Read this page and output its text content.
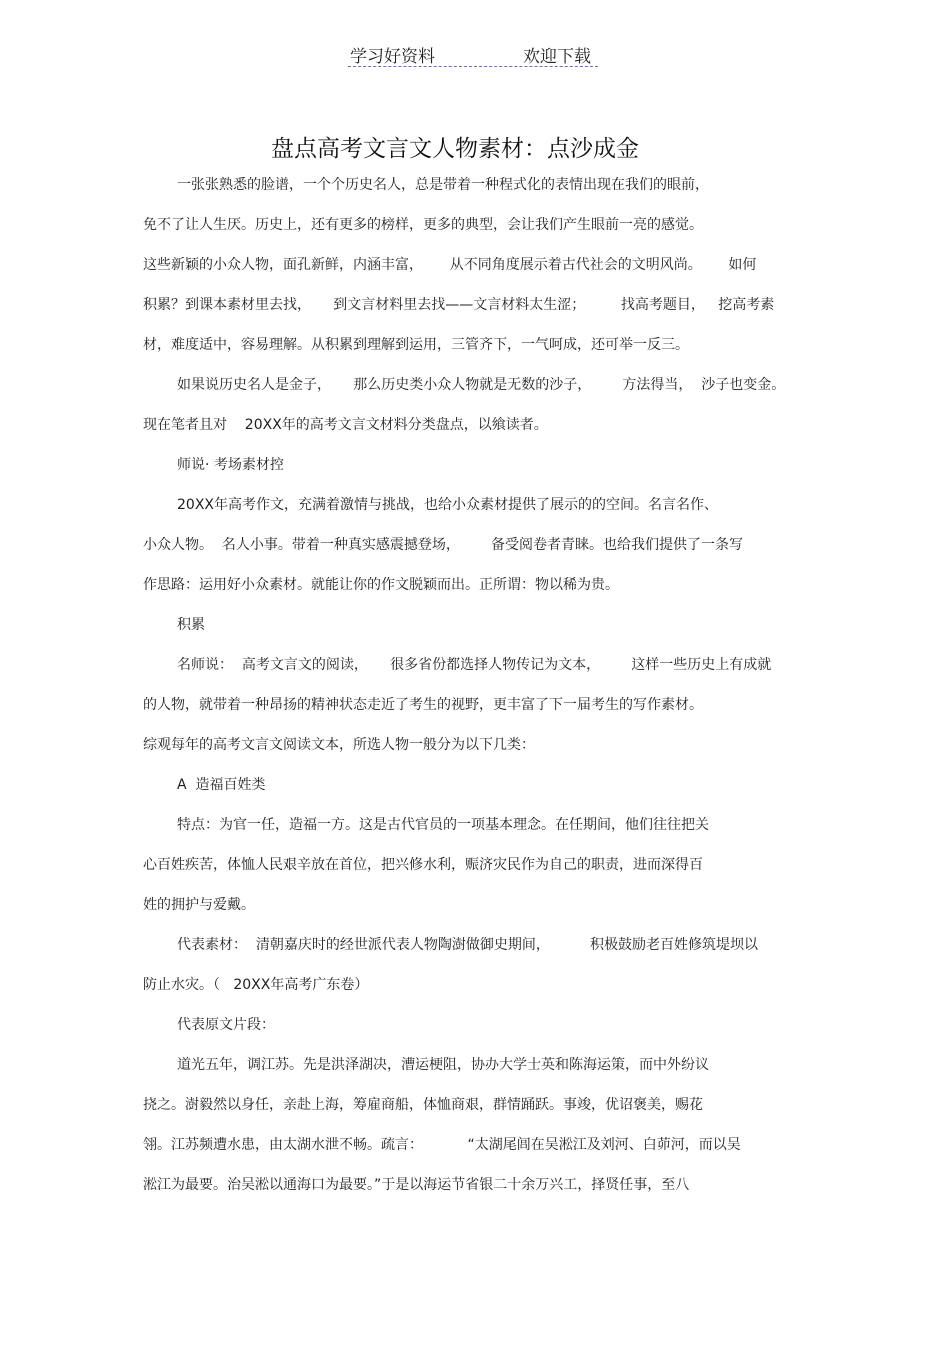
学习好资料	欢迎下载
盘点高考文言文人物素材：点沙成金
一张张熟悉的脸谱，一个个历史名人，总是带着一种程式化的表情出现在我们的眼前，
免不了让人生厌。历史上，还有更多的榜样，更多的典型，会让我们产生眼前一亮的感觉。
这些新颖的小众人物，面孔新鲜，内涵丰富，      从不同角度展示着古代社会的文明风尚。      如何
积累？到课本素材里去找，     到文言材料里去找——文言材料太生涩；        找高考题目，   挖高考素
材，难度适中，容易理解。从积累到理解到运用，三管齐下，一气呵成，还可举一反三。
如果说历史名人是金子，     那么历史类小众人物就是无数的沙子，       方法得当，  沙子也变金。
现在笔者且对    20XX年的高考文言文材料分类盘点，以飨读者。
师说· 考场素材控
20XX年高考作文，充满着激情与挑战，也给小众素材提供了展示的的空间。名言名作、
小众人物。  名人小事。带着一种真实感震撼登场，       备受阅卷者青睐。也给我们提供了一条写
作思路：运用好小众素材。就能让你的作文脱颖而出。正所谓：物以稀为贵。
积累
名师说：  高考文言文的阅读，     很多省份都选择人物传记为文本，       这样一些历史上有成就
的人物，就带着一种昂扬的精神状态走近了考生的视野，更丰富了下一届考生的写作素材。
综观每年的高考文言文阅读文本，所选人物一般分为以下几类：
A  造福百姓类
特点：为官一任，造福一方。这是古代官员的一项基本理念。在任期间，他们往往把关
心百姓疾苦，体恤人民艰辛放在首位，把兴修水利，赈济灾民作为自己的职责，进而深得百
姓的拥护与爱戴。
代表素材：  清朝嘉庆时的经世派代表人物陶澍做御史期间，         积极鼓励老百姓修筑堤坝以
防止水灾。（   20XX年高考广东卷）
代表原文片段：
道光五年，调江苏。先是洪泽湖决，漕运梗阻，协办大学士英和陈海运策，而中外纷议
挠之。澍毅然以身任，亲赴上海，筹雇商船，体恤商艰，群情踊跃。事竣，优诏褒美，赐花
翎。江苏频遭水患，由太湖水泄不畅。疏言：          “太湖尾闾在吴淞江及刘河、白茆河，而以吴
淞江为最要。治吴淞以通海口为最要。”于是以海运节省银二十余万兴工，择贤任事，至八
